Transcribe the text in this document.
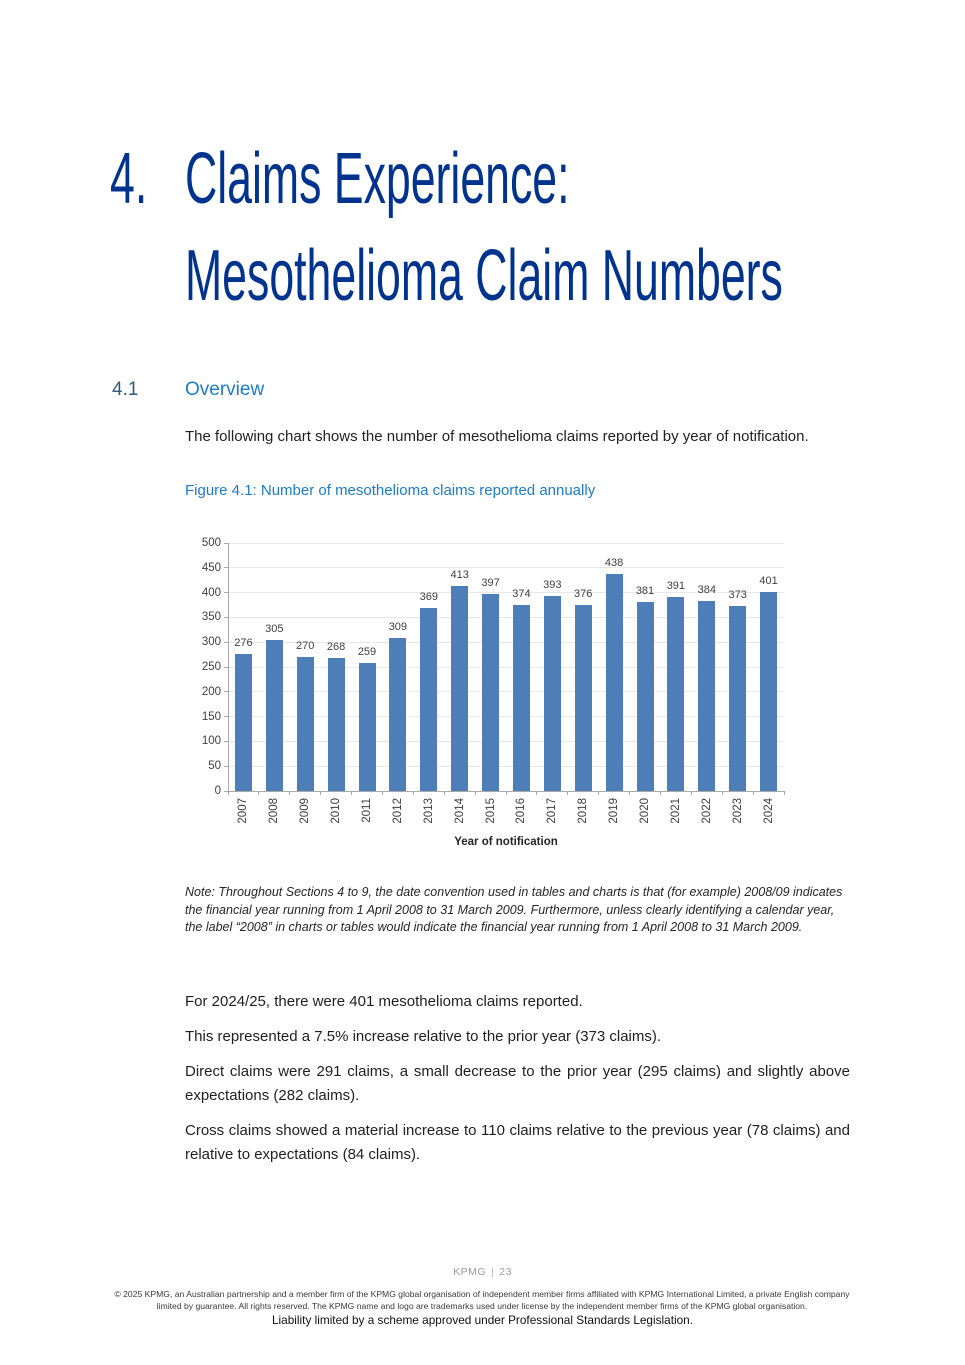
4. Claims Experience:
Mesothelioma Claim Numbers
4.1 Overview

The following chart shows the number of mesothelioma claims reported by year of notification.

Figure 4.1: Number of mesothelioma claims reported annually

Year of notification
0
50
100
150
200
250
300
350
400
450
500
276
2007
305
2008
270
2009
268
2010
259
2011
309
2012
369
2013
413
2014
397
2015
374
2016
393
2017
376
2018
438
2019
381
2020
391
2021
384
2022
373
2023
401
2024

Note: Throughout Sections 4 to 9, the date convention used in tables and charts is that (for example) 2008/09 indicates the financial year running from 1 April 2008 to 31 March 2009. Furthermore, unless clearly identifying a calendar year, the label “2008” in charts or tables would indicate the financial year running from 1 April 2008 to 31 March 2009.

For 2024/25, there were 401 mesothelioma claims reported.

This represented a 7.5% increase relative to the prior year (373 claims).

Direct claims were 291 claims, a small decrease to the prior year (295 claims) and slightly above expectations (282 claims).

Cross claims showed a material increase to 110 claims relative to the previous year (78 claims) and relative to expectations (84 claims).

KPMG | 23
© 2025 KPMG, an Australian partnership and a member firm of the KPMG global organisation of independent member firms affiliated with KPMG International Limited, a private English company limited by guarantee. All rights reserved. The KPMG name and logo are trademarks used under license by the independent member firms of the KPMG global organisation.
Liability limited by a scheme approved under Professional Standards Legislation.
